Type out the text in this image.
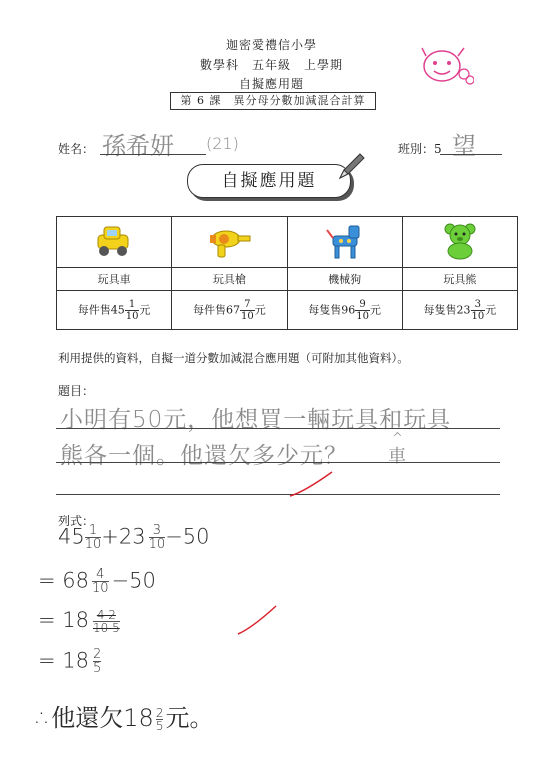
迦密愛禮信小學
數學科　五年級　上學期
自擬應用題
第 6 課　異分母分數加減混合計算
姓名： 孫希妍 (21)	班別：5 望
自擬應用題

玩具車	玩具槍	機械狗	玩具熊
每件售$45 \frac{1}{10}$ 元	每件售$67 \frac{7}{10}$ 元	每隻售$96 \frac{9}{10}$ 元	每隻售$23 \frac{3}{10}$ 元
利用提供的資料，自擬一道分數加減混合應用題（可附加其他資料）。
題目：
小明有50元，他想買一輛玩具和玩具
熊各一個。他還欠多少元？
^
車
列式：
$45 \frac{1}{10} +23 \frac{3}{10} -50$
= $68 \frac{4}{10} -50$
= $18 \frac{4 2}{10 5}$
= $18 \frac{2}{5}$
∴他還欠$18 \frac{2}{5}$ 元。
